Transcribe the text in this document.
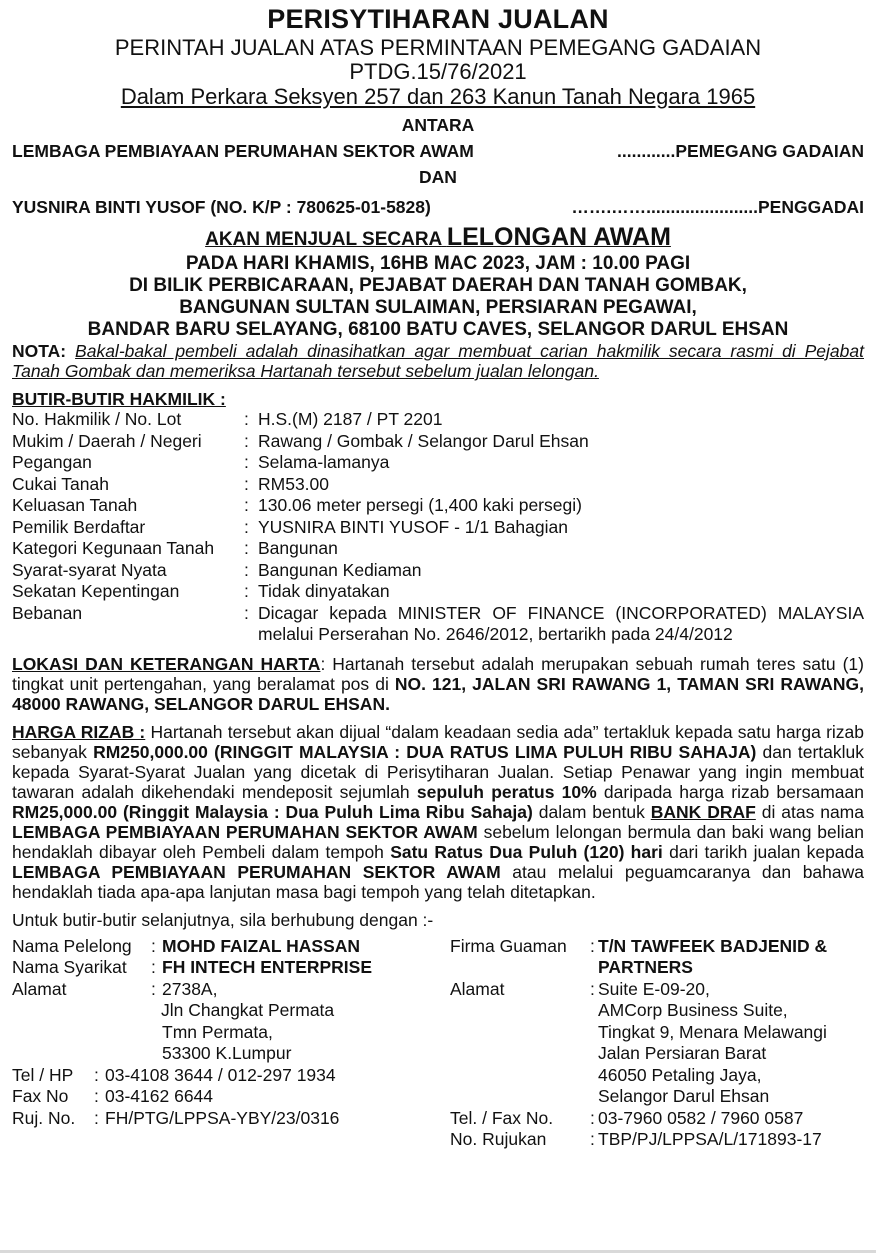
PERISYTIHARAN JUALAN
PERINTAH JUALAN ATAS PERMINTAAN PEMEGANG GADAIAN
PTDG.15/76/2021
Dalam Perkara Seksyen 257 dan 263 Kanun Tanah Negara 1965
ANTARA
LEMBAGA PEMBIAYAAN PERUMAHAN SEKTOR AWAM	............PEMEGANG GADAIAN
DAN
YUSNIRA BINTI YUSOF (NO. K/P : 780625-01-5828)	…….…….......................PENGGADAI
AKAN MENJUAL SECARA LELONGAN AWAM
PADA HARI KHAMIS, 16HB MAC 2023, JAM : 10.00 PAGI
DI BILIK PERBICARAAN, PEJABAT DAERAH DAN TANAH GOMBAK,
BANGUNAN SULTAN SULAIMAN, PERSIARAN PEGAWAI,
BANDAR BARU SELAYANG, 68100 BATU CAVES, SELANGOR DARUL EHSAN

NOTA: Bakal-bakal pembeli adalah dinasihatkan agar membuat carian hakmilik secara rasmi di Pejabat Tanah Gombak dan memeriksa Hartanah tersebut sebelum jualan lelongan.

BUTIR-BUTIR HAKMILIK :
No. Hakmilik / No. Lot	:	H.S.(M) 2187 / PT 2201
Mukim / Daerah / Negeri	:	Rawang / Gombak / Selangor Darul Ehsan
Pegangan	:	Selama-lamanya
Cukai Tanah	:	RM53.00
Keluasan Tanah	:	130.06 meter persegi (1,400 kaki persegi)
Pemilik Berdaftar	:	YUSNIRA BINTI YUSOF - 1/1 Bahagian
Kategori Kegunaan Tanah	:	Bangunan
Syarat-syarat Nyata	:	Bangunan Kediaman
Sekatan Kepentingan	:	Tidak dinyatakan
Bebanan	:	Dicagar kepada MINISTER OF FINANCE (INCORPORATED) MALAYSIA melalui Perserahan No. 2646/2012, bertarikh pada 24/4/2012

LOKASI DAN KETERANGAN HARTA: Hartanah tersebut adalah merupakan sebuah rumah teres satu (1) tingkat unit pertengahan, yang beralamat pos di NO. 121, JALAN SRI RAWANG 1, TAMAN SRI RAWANG, 48000 RAWANG, SELANGOR DARUL EHSAN.

HARGA RIZAB : Hartanah tersebut akan dijual “dalam keadaan sedia ada” tertakluk kepada satu harga rizab sebanyak RM250,000.00 (RINGGIT MALAYSIA : DUA RATUS LIMA PULUH RIBU SAHAJA) dan tertakluk kepada Syarat-Syarat Jualan yang dicetak di Perisytiharan Jualan. Setiap Penawar yang ingin membuat tawaran adalah dikehendaki mendeposit sejumlah sepuluh peratus 10% daripada harga rizab bersamaan RM25,000.00 (Ringgit Malaysia : Dua Puluh Lima Ribu Sahaja) dalam bentuk BANK DRAF di atas nama LEMBAGA PEMBIAYAAN PERUMAHAN SEKTOR AWAM sebelum lelongan bermula dan baki wang belian hendaklah dibayar oleh Pembeli dalam tempoh Satu Ratus Dua Puluh (120) hari dari tarikh jualan kepada LEMBAGA PEMBIAYAAN PERUMAHAN SEKTOR AWAM atau melalui peguamcaranya dan bahawa hendaklah tiada apa-apa lanjutan masa bagi tempoh yang telah ditetapkan.

Untuk butir-butir selanjutnya, sila berhubung dengan :-

Nama Pelelong	: MOHD FAIZAL HASSAN
Nama Syarikat	: FH INTECH ENTERPRISE
Alamat	: 2738A,
Jln Changkat Permata
Tmn Permata,
53300 K.Lumpur
Tel / HP	: 03-4108 3644 / 012-297 1934
Fax No	: 03-4162 6644
Ruj. No.	: FH/PTG/LPPSA-YBY/23/0316
Firma Guaman	: T/N TAWFEEK BADJENID &
PARTNERS
Alamat	: Suite E-09-20,
AMCorp Business Suite,
Tingkat 9, Menara Melawangi
Jalan Persiaran Barat
46050 Petaling Jaya,
Selangor Darul Ehsan
Tel. / Fax No.	: 03-7960 0582 / 7960 0587
No. Rujukan	: TBP/PJ/LPPSA/L/171893-17
